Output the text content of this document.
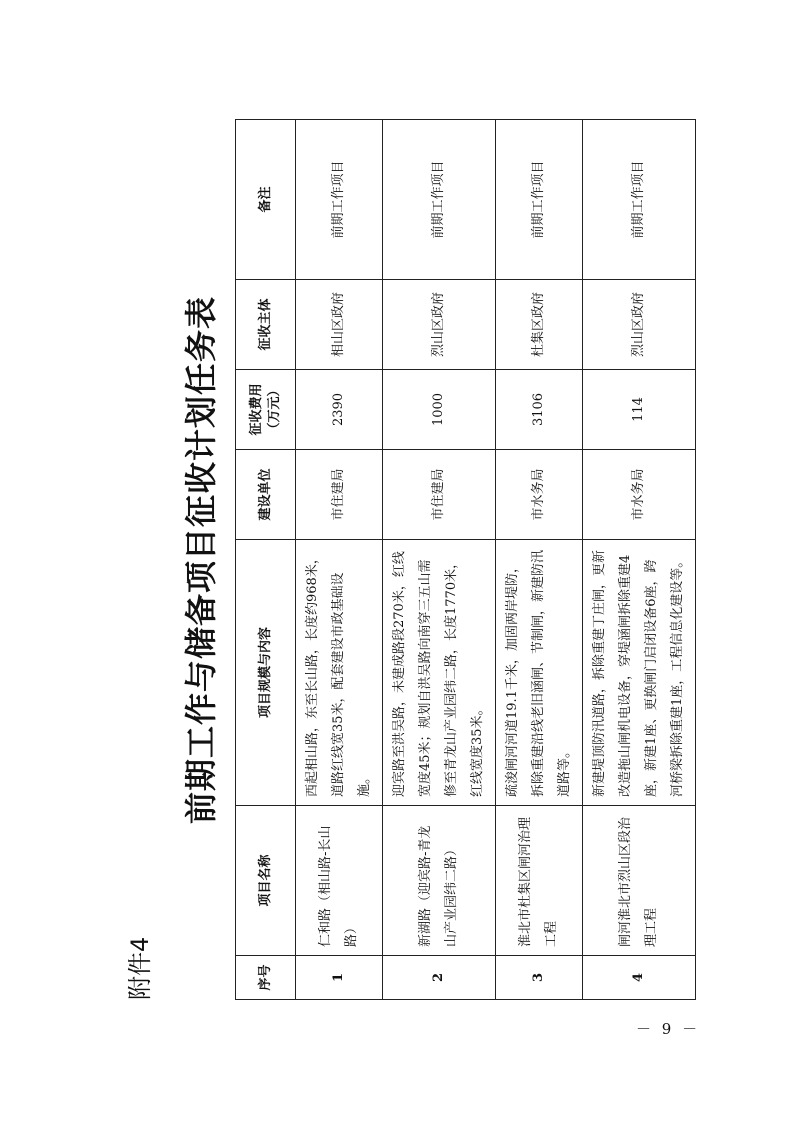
附件4
前期工作与储备项目征收计划任务表
序号	项目名称	项目规模与内容	建设单位	征收费用（万元）	征收主体	备注
1	仁和路（相山路-长山路）	西起相山路，东至长山路，长度约968米，道路红线宽35米，配套建设市政基础设施。	市住建局	2390	相山区政府	前期工作项目
2	新湖路（迎宾路-青龙山产业园纬二路）	迎宾路至洪吴路，未建成路段270米，红线宽度45米；规划自洪吴路向南穿三五山需修至青龙山产业园纬二路，长度1770米，红线宽度35米。	市住建局	1000	烈山区政府	前期工作项目
3	淮北市杜集区闸河治理工程	疏浚闸河河道19.1千米，加固两岸堤防，拆除重建沿线老旧涵闸、节制闸，新建防汛道路等。	市水务局	3106	杜集区政府	前期工作项目
4	闸河淮北市烈山区段治理工程	新建堤顶防汛道路，拆除重建丁庄闸，更新改造拖山闸机电设备，穿堤涵闸拆除重建4座，新建1座、更换闸门启闭设备6座，跨河桥梁拆除重建1座，工程信息化建设等。	市水务局	114	烈山区政府	前期工作项目
－ 9 －
